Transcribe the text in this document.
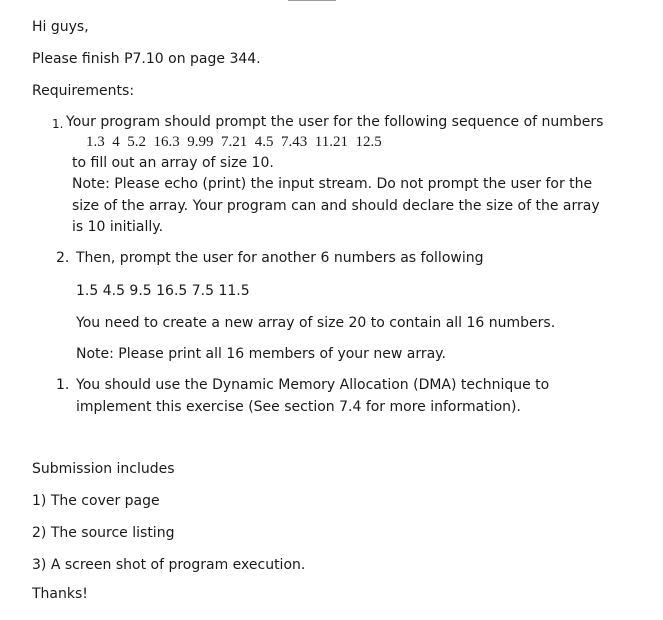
Hi guys,
Please finish P7.10 on page 344.
Requirements:
1. Your program should prompt the user for the following sequence of numbers
1.3  4  5.2  16.3  9.99  7.21  4.5  7.43  11.21  12.5
to fill out an array of size 10.
Note: Please echo (print) the input stream. Do not prompt the user for the
size of the array. Your program can and should declare the size of the array
is 10 initially.
2. Then, prompt the user for another 6 numbers as following
1.5 4.5 9.5 16.5 7.5 11.5
You need to create a new array of size 20 to contain all 16 numbers.
Note: Please print all 16 members of your new array.
1. You should use the Dynamic Memory Allocation (DMA) technique to
implement this exercise (See section 7.4 for more information).
Submission includes
1) The cover page
2) The source listing
3) A screen shot of program execution.
Thanks!
